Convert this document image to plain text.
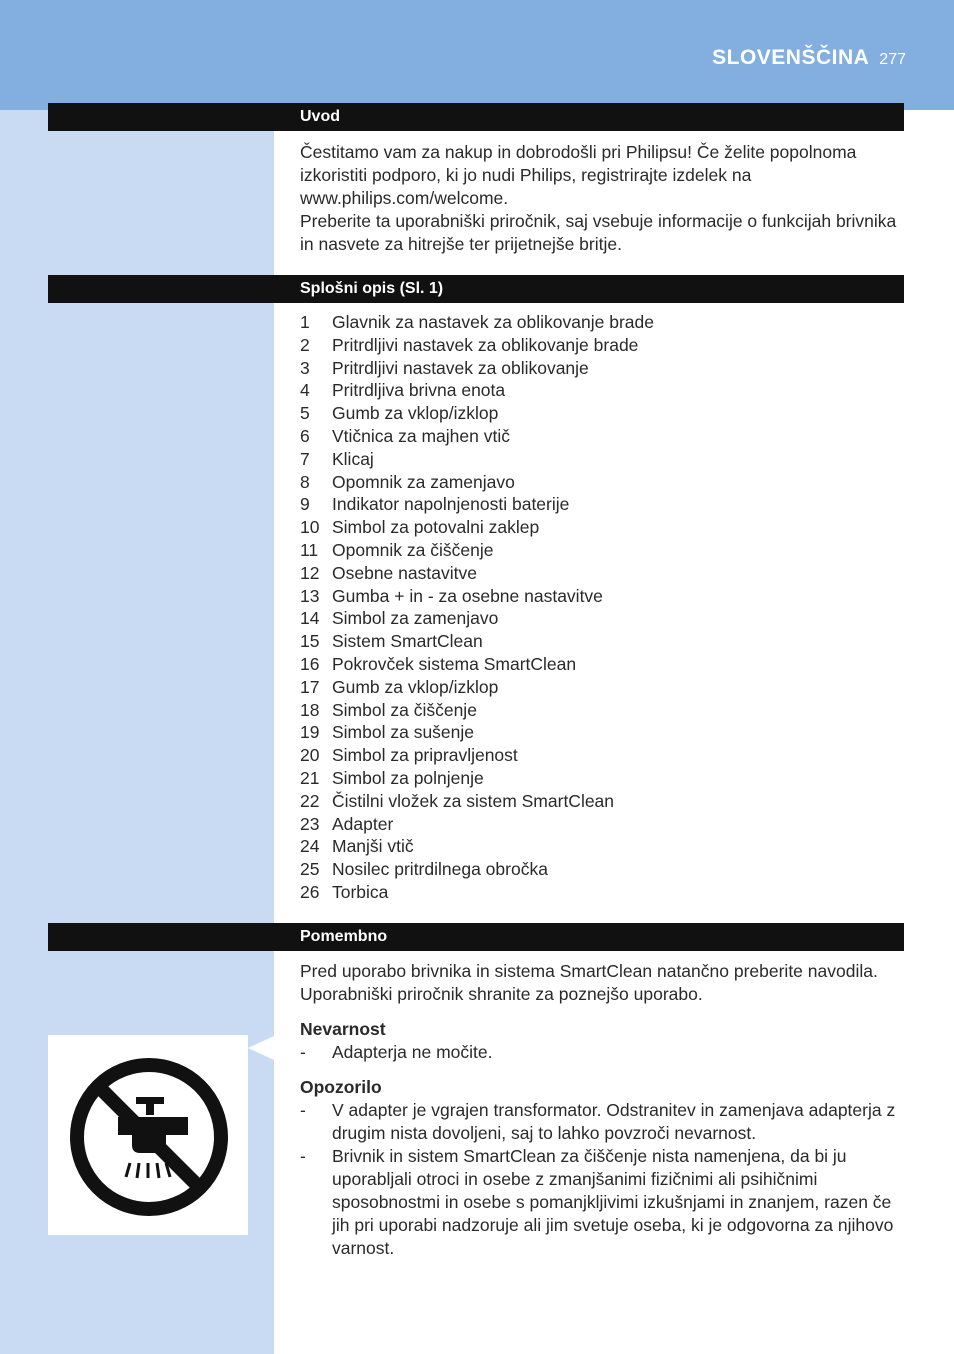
SLOVENŠČINA 277
Uvod

Čestitamo vam za nakup in dobrodošli pri Philipsu! Če želite popolnoma izkoristiti podporo, ki jo nudi Philips, registrirajte izdelek na www.philips.com/welcome.

Preberite ta uporabniški priročnik, saj vsebuje informacije o funkcijah brivnika in nasvete za hitrejše ter prijetnejše britje.

Splošni opis (Sl. 1)
1	Glavnik za nastavek za oblikovanje brade
2	Pritrdljivi nastavek za oblikovanje brade
3	Pritrdljivi nastavek za oblikovanje
4	Pritrdljiva brivna enota
5	Gumb za vklop/izklop
6	Vtičnica za majhen vtič
7	Klicaj
8	Opomnik za zamenjavo
9	Indikator napolnjenosti baterije
10 Simbol za potovalni zaklep
11 Opomnik za čiščenje
12 Osebne nastavitve
13 Gumba + in - za osebne nastavitve
14 Simbol za zamenjavo
15 Sistem SmartClean
16 Pokrovček sistema SmartClean
17 Gumb za vklop/izklop
18 Simbol za čiščenje
19 Simbol za sušenje
20 Simbol za pripravljenost
21 Simbol za polnjenje
22 Čistilni vložek za sistem SmartClean
23 Adapter
24 Manjši vtič
25 Nosilec pritrdilnega obročka
26 Torbica
Pomembno

Pred uporabo brivnika in sistema SmartClean natančno preberite navodila. Uporabniški priročnik shranite za poznejšo uporabo.

Nevarnost
-	Adapterja ne močite.
Opozorilo
-	V adapter je vgrajen transformator. Odstranitev in zamenjava adapterja z drugim nista dovoljeni, saj to lahko povzroči nevarnost.
-	Brivnik in sistem SmartClean za čiščenje nista namenjena, da bi ju uporabljali otroci in osebe z zmanjšanimi fizičnimi ali psihičnimi sposobnostmi in osebe s pomanjkljivimi izkušnjami in znanjem, razen če jih pri uporabi nadzoruje ali jim svetuje oseba, ki je odgovorna za njihovo varnost.
